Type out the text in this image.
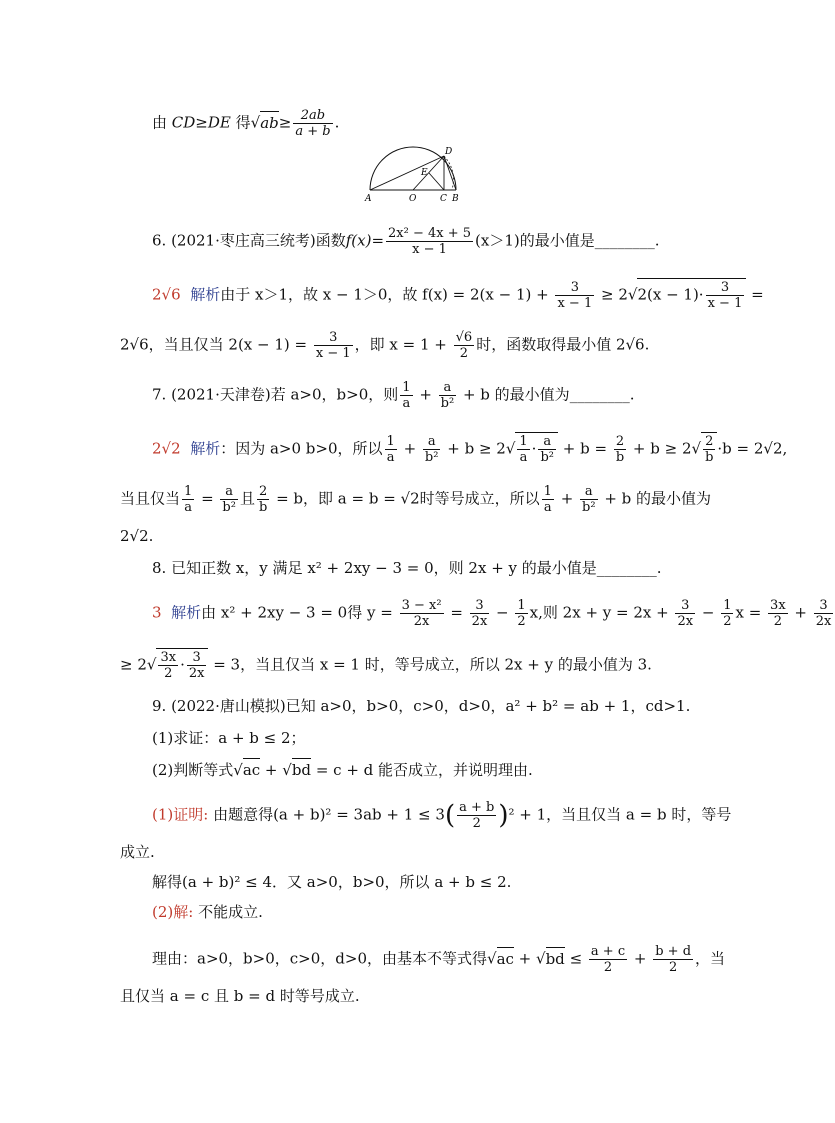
由 CD≥DE 得$√ab\ge \frac{2ab}{a + b}$ .
A	O	C B
D
E
6. (2021·枣庄高三统考)函数$f(x)= \frac{\text{2x² − 4x + 5}}{x - 1} (x>1)$的最小值是________.
2√6 解析由于 x＞1，故 x − 1＞0，故 $f(x) = 2(x - 1) + \frac{3}{x - 1} \ge 2√2(x - 1)\cdot \frac{3}{x - 1}$ =
2√6，当且仅当 $2(x - 1) = \frac{3}{x - 1}$ ，即 $x = 1 + \frac{√6}{2}$ 时，函数取得最小值 2√6.
7. (2021·天津卷)若 a>0，b>0，则 $\frac{1}{a} + \frac{a}{\text{b²}} + b$ 的最小值为________.
2√2 解析：因为 a>0 b>0，所以 $\frac{1}{a} + \frac{a}{\text{b²}} + b \ge 2√ \frac{1}{a} \cdot \frac{a}{\text{b²}} + b = \frac{2}{b} + b \ge 2√ \frac{2}{b} \cdot b = 2√2$,
当且仅当 $\frac{1}{a} = \frac{a}{\text{b²}}$ 且 $\frac{2}{b} = b$，即 a = b = √2时等号成立，所以 $\frac{1}{a} + \frac{a}{\text{b²}} + b$ 的最小值为
2√2.
8. 已知正数 x，y 满足 x² + 2xy − 3 = 0，则 2x + y 的最小值是________.
3 解析由 x² + 2xy − 3 = 0得 $y = \frac{\text{3 − x²}}{2x} = \frac{3}{2x} - \frac{1}{2} x$,则 $2x + y = 2x + \frac{3}{2x} - \frac{1}{2}$ $x = \frac{3x}{2} + \frac{3}{2x}$
≥ $2√ \frac{3x}{2} \cdot \frac{3}{2x} = 3$，当且仅当 x = 1 时，等号成立，所以 2x + y 的最小值为 3.
9. (2022·唐山模拟)已知 a>0，b>0，c>0，d>0，a² + b² = ab + 1，cd>1.
(1)求证：a + b ≤ 2；
(2)判断等式√ac + √bd = c + d 能否成立，并说明理由.
(1)证明: 由题意得$(a + b)^2 = 3ab + 1 \le 3( \frac{a + b}{2} )^2 + 1$，当且仅当 a = b 时，等号
成立.
解得(a + b)² ≤ 4．又 a>0，b>0，所以 a + b ≤ 2.
(2)解: 不能成立.
理由：a>0，b>0，c>0，d>0，由基本不等式得$√ac + √bd \le \frac{a + c}{2} + \frac{b + d}{2}$ ，当
且仅当 a = c 且 b = d 时等号成立.
